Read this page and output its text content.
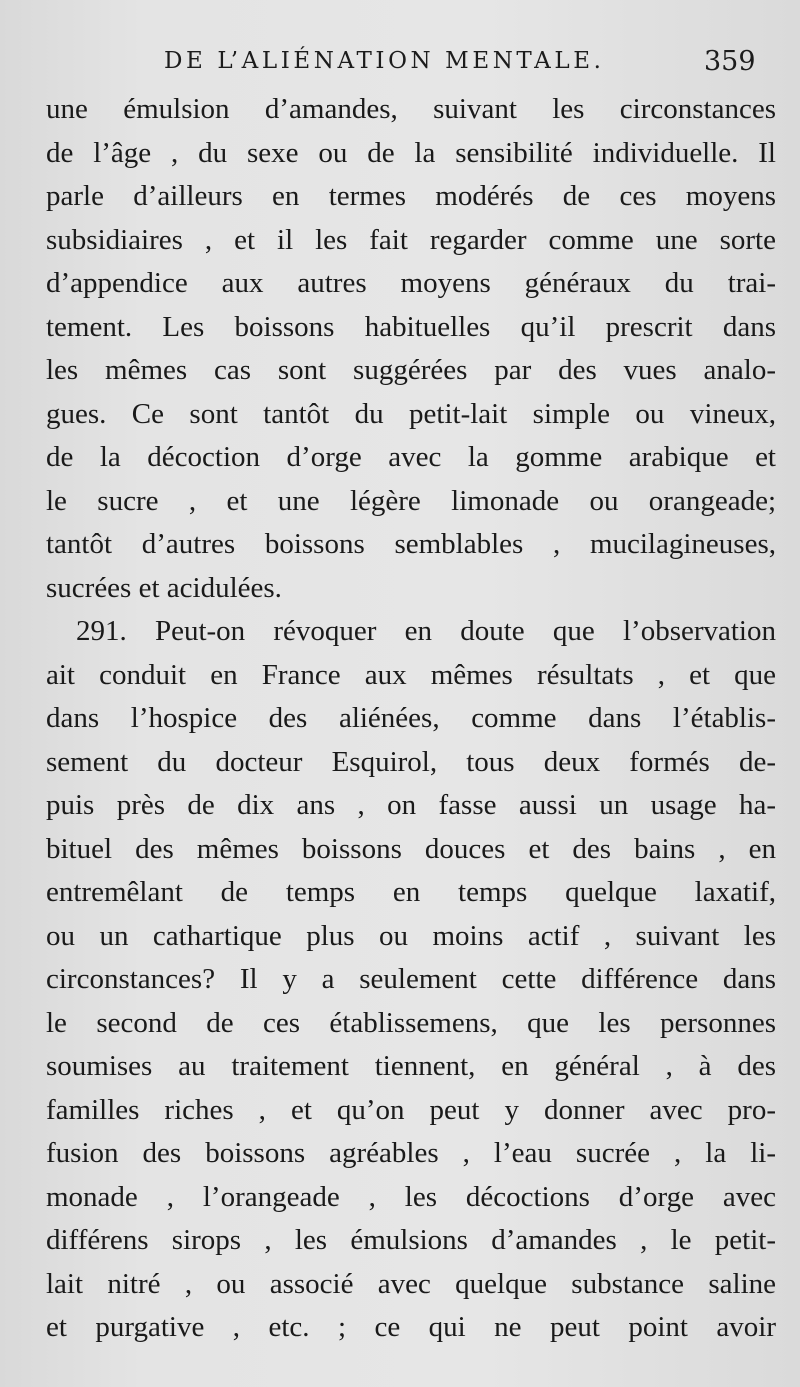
DE L’ALIÉNATION MENTALE.	359
une émulsion d’amandes, suivant les circonstances
de l’âge , du sexe ou de la sensibilité individuelle. Il
parle d’ailleurs en termes modérés de ces moyens
subsidiaires , et il les fait regarder comme une sorte
d’appendice aux autres moyens généraux du trai-
tement. Les boissons habituelles qu’il prescrit dans
les mêmes cas sont suggérées par des vues analo-
gues. Ce sont tantôt du petit-lait simple ou vineux,
de la décoction d’orge avec la gomme arabique et
le sucre , et une légère limonade ou orangeade;
tantôt d’autres boissons semblables , mucilagineuses,
sucrées et acidulées.
291. Peut-on révoquer en doute que l’observation
ait conduit en France aux mêmes résultats , et que
dans l’hospice des aliénées, comme dans l’établis-
sement du docteur Esquirol, tous deux formés de-
puis près de dix ans , on fasse aussi un usage ha-
bituel des mêmes boissons douces et des bains , en
entremêlant de temps en temps quelque laxatif,
ou un cathartique plus ou moins actif , suivant les
circonstances? Il y a seulement cette différence dans
le second de ces établissemens, que les personnes
soumises au traitement tiennent, en général , à des
familles riches , et qu’on peut y donner avec pro-
fusion des boissons agréables , l’eau sucrée , la li-
monade , l’orangeade , les décoctions d’orge avec
différens sirops , les émulsions d’amandes , le petit-
lait nitré , ou associé avec quelque substance saline
et purgative , etc. ; ce qui ne peut point avoir
